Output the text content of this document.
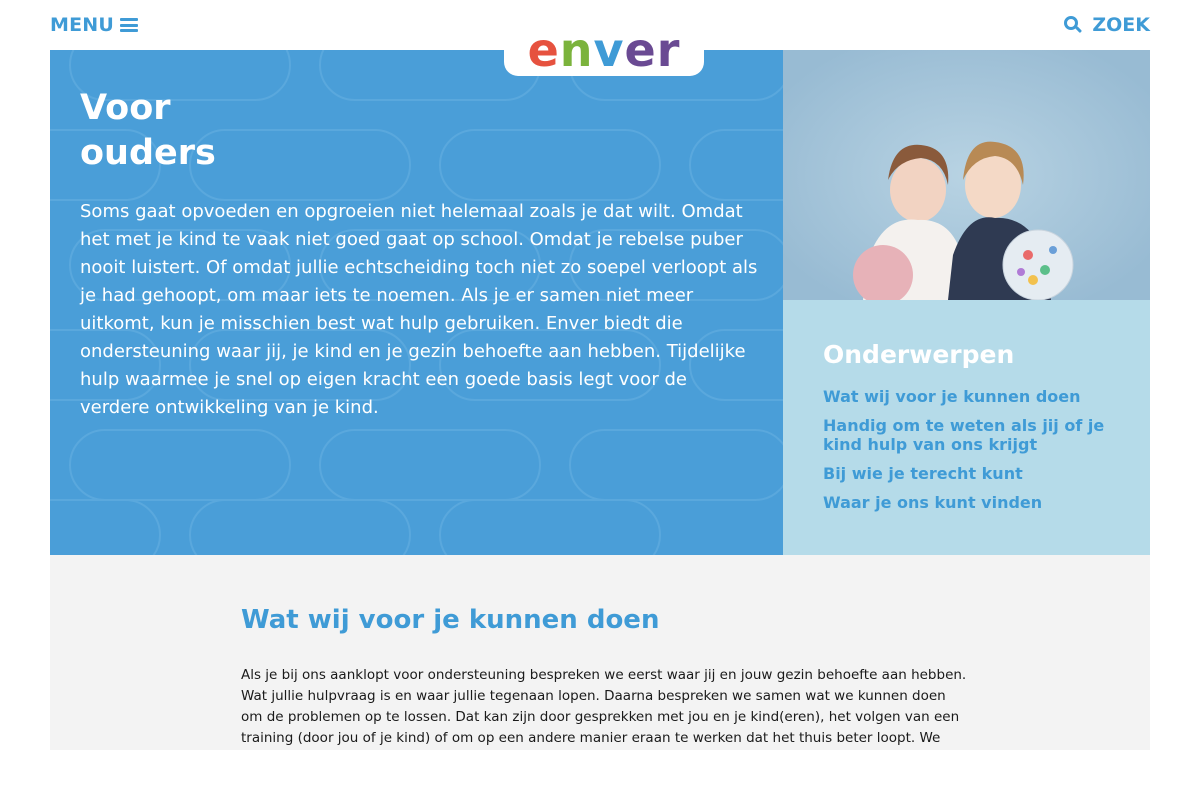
MENU	ZOEK
enver
Voor
ouders

Soms gaat opvoeden en opgroeien niet helemaal zoals je dat wilt. Omdat het met je kind te vaak niet goed gaat op school. Omdat je rebelse puber nooit luistert. Of omdat jullie echtscheiding toch niet zo soepel verloopt als je had gehoopt, om maar iets te noemen. Als je er samen niet meer uitkomt, kun je misschien best wat hulp gebruiken. Enver biedt die ondersteuning waar jij, je kind en je gezin behoefte aan hebben. Tijdelijke hulp waarmee je snel op eigen kracht een goede basis legt voor de verdere ontwikkeling van je kind.

Onderwerpen
Wat wij voor je kunnen doen
Handig om te weten als jij of je kind hulp van ons krijgt
Bij wie je terecht kunt
Waar je ons kunt vinden
Wat wij voor je kunnen doen

Als je bij ons aanklopt voor ondersteuning bespreken we eerst waar jij en jouw gezin behoefte aan hebben. Wat jullie hulpvraag is en waar jullie tegenaan lopen. Daarna bespreken we samen wat we kunnen doen om de problemen op te lossen. Dat kan zijn door gesprekken met jou en je kind(eren), het volgen van een training (door jou of je kind) of om op een andere manier eraan te werken dat het thuis beter loopt. We
